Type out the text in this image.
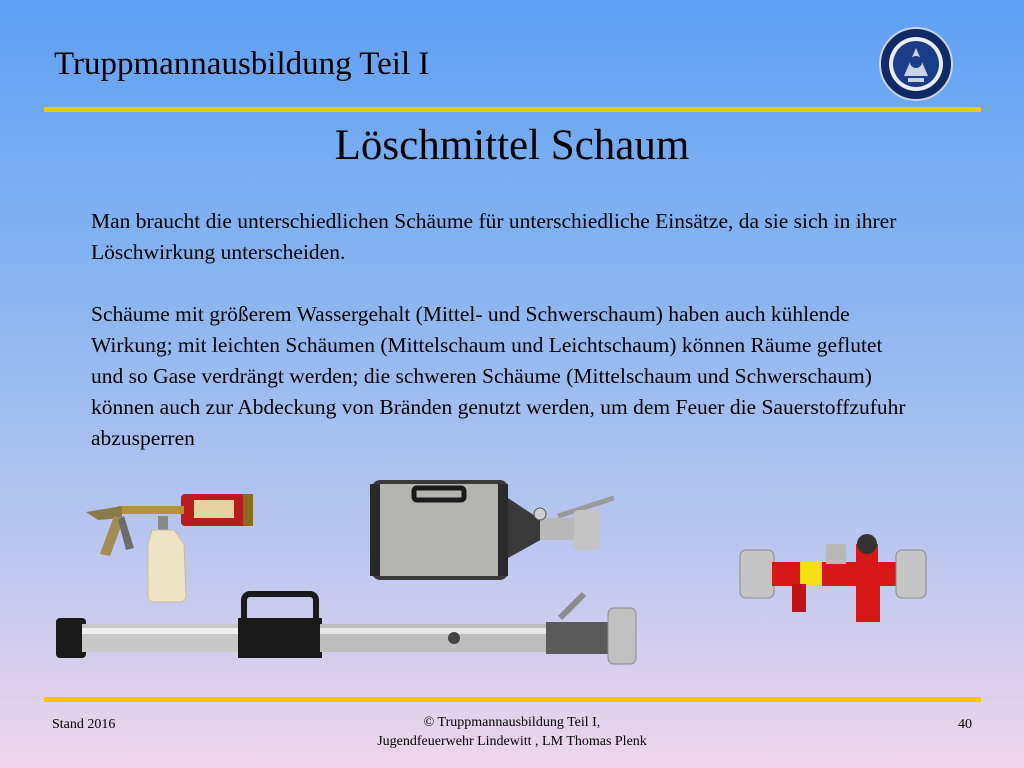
Truppmannausbildung Teil I
Löschmittel Schaum

Man braucht die unterschiedlichen Schäume für unterschiedliche Einsätze, da sie sich in ihrer Löschwirkung unterscheiden.

Schäume mit größerem Wassergehalt (Mittel- und Schwerschaum) haben auch kühlende Wirkung; mit leichten Schäumen (Mittelschaum und Leichtschaum) können Räume geflutet und so Gase verdrängt werden; die schweren Schäume (Mittelschaum und Schwerschaum) können auch zur Abdeckung von Bränden genutzt werden, um dem Feuer die Sauerstoffzufuhr abzusperren

Stand 2016	© Truppmannausbildung Teil I,
Jugendfeuerwehr Lindewitt , LM Thomas Plenk
40
